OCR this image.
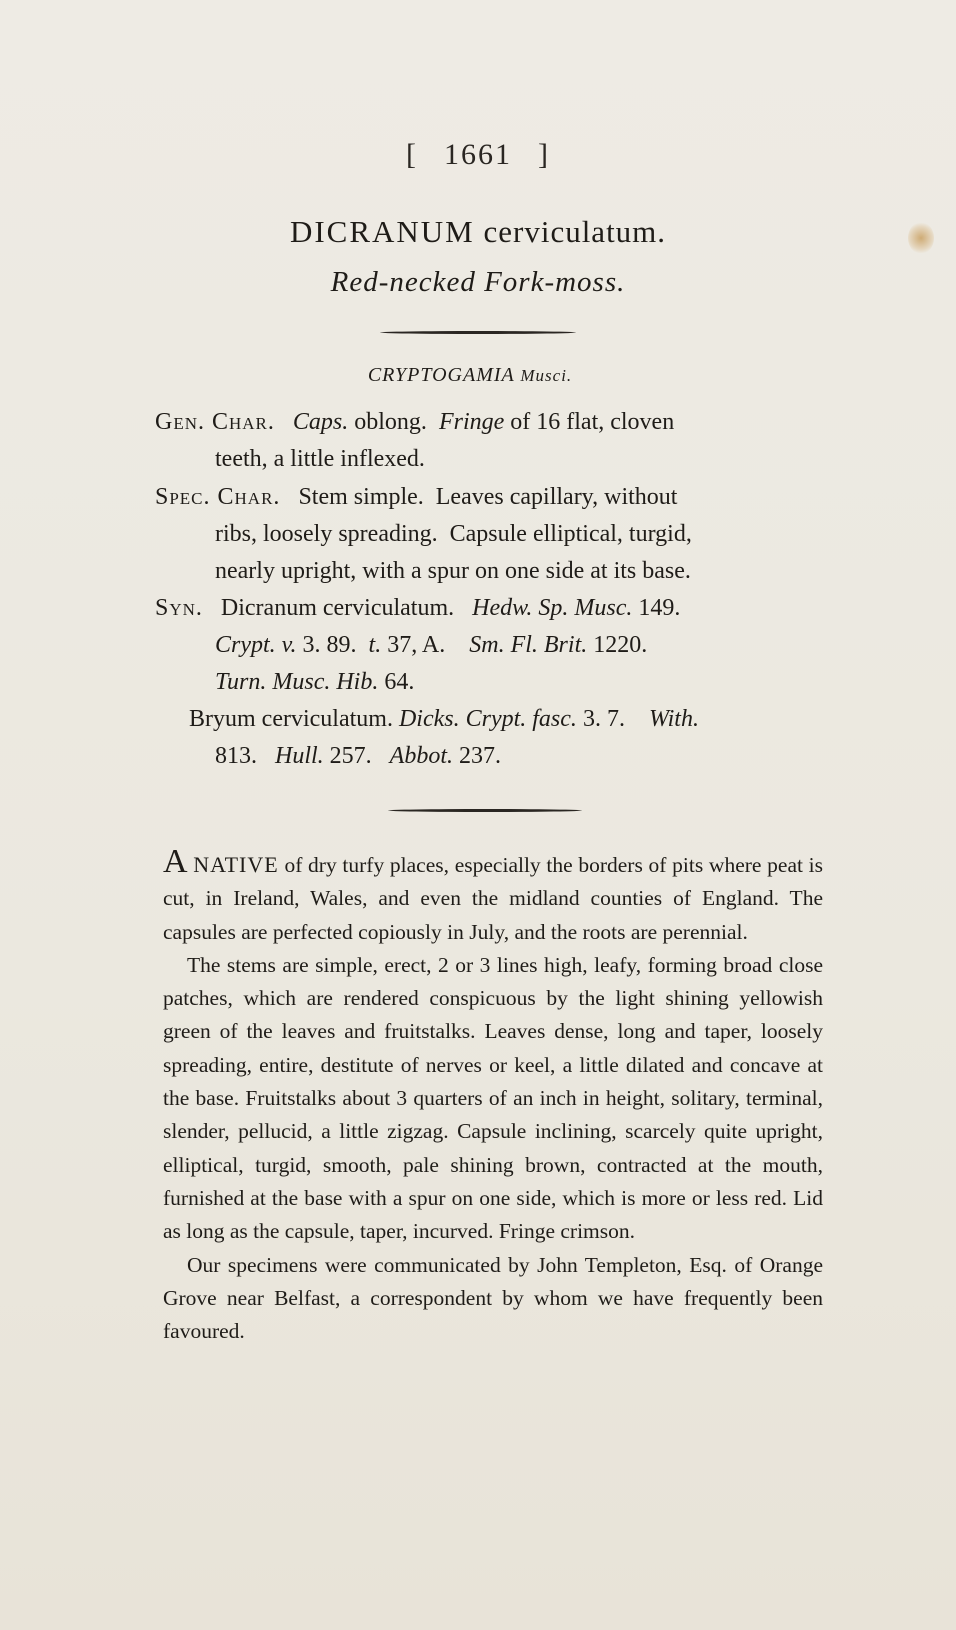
[ 1661 ]
DICRANUM cerviculatum.
Red-necked Fork-moss.
CRYPTOGAMIA Musci.
Gen. Char. Caps. oblong. Fringe of 16 flat, cloven
teeth, a little inflexed.
Spec. Char. Stem simple.  Leaves capillary, without
ribs, loosely spreading.  Capsule elliptical, turgid,
nearly upright, with a spur on one side at its base.
Syn. Dicranum cerviculatum. Hedw. Sp. Musc. 149.
Crypt. v. 3. 89. t. 37, A. Sm. Fl. Brit. 1220.
Turn. Musc. Hib. 64.
Bryum cerviculatum. Dicks. Crypt. fasc. 3. 7. With.
813. Hull. 257. Abbot. 237.

A NATIVE of dry turfy places, especially the borders of pits where peat is cut, in Ireland, Wales, and even the midland counties of England. The capsules are perfected copiously in July, and the roots are perennial.

The stems are simple, erect, 2 or 3 lines high, leafy, forming broad close patches, which are rendered conspicuous by the light shining yellowish green of the leaves and fruitstalks. Leaves dense, long and taper, loosely spreading, entire, destitute of nerves or keel, a little dilated and concave at the base. Fruitstalks about 3 quarters of an inch in height, solitary, terminal, slender, pellucid, a little zigzag. Capsule inclining, scarcely quite upright, elliptical, turgid, smooth, pale shining brown, contracted at the mouth, furnished at the base with a spur on one side, which is more or less red. Lid as long as the capsule, taper, incurved. Fringe crimson.

Our specimens were communicated by John Templeton, Esq. of Orange Grove near Belfast, a correspondent by whom we have frequently been favoured.
